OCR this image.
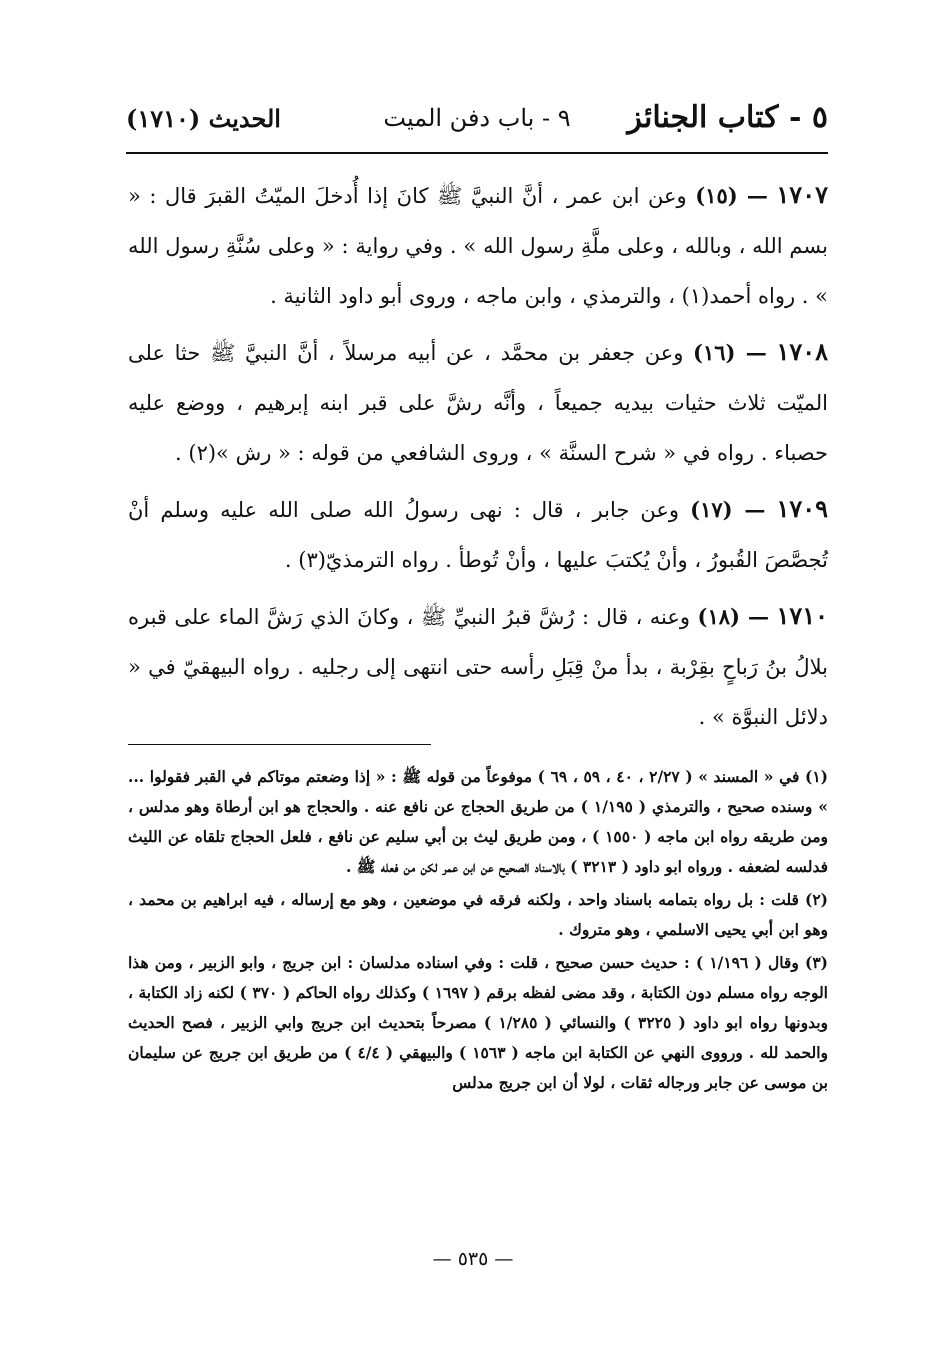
٥ - كتاب الجنائز
٩ - باب دفن الميت
الحديث (١٧١٠)

١٧٠٧ — (١٥) وعن ابن عمر ، أنَّ النبيَّ ﷺ كانَ إذا أُدخلَ الميّتُ القبرَ قال : « بسم الله ، وبالله ، وعلى ملَّةِ رسول الله » . وفي رواية : « وعلى سُنَّةِ رسول الله » . رواه أحمد(١) ، والترمذي ، وابن ماجه ، وروى أبو داود الثانية .

١٧٠٨ — (١٦) وعن جعفر بن محمَّد ، عن أبيه مرسلاً ، أنَّ النبيَّ ﷺ حثا على الميّت ثلاث حثيات بيديه جميعاً ، وأنَّه رشَّ على قبر ابنه إبرهيم ، ووضع عليه حصباء . رواه في « شرح السنَّة » ، وروى الشافعي من قوله : « رش »(٢) .

١٧٠٩ — (١٧) وعن جابر ، قال : نهى رسولُ الله صلى الله عليه وسلم أنْ تُجصَّصَ القُبورُ ، وأنْ يُكتبَ عليها ، وأنْ تُوطأ . رواه الترمذيّ(٣) .

١٧١٠ — (١٨) وعنه ، قال : رُشَّ قبرُ النبيِّ ﷺ ، وكانَ الذي رَشَّ الماء على قبره بلالُ بنُ رَباحٍ بقِرْبة ، بدأ منْ قِبَلِ رأسه حتى انتهى إلى رجليه . رواه البيهقيّ في « دلائل النبوَّة » .

(١) في « المسند » ( ٢/٢٧ ، ٤٠ ، ٥٩ ، ٦٩ ) موفوعاً من قوله ﷺ : « إذا وضعتم موتاكم في القبر فقولوا ... » وسنده صحيح ، والترمذي ( ١/١٩٥ ) من طريق الحجاج عن نافع عنه . والحجاج هو ابن أرطاة وهو مدلس ، ومن طريقه رواه ابن ماجه ( ١٥٥٠ ) ، ومن طريق ليث بن أبي سليم عن نافع ، فلعل الحجاج تلقاه عن الليث فدلسه لضعفه . ورواه ابو داود ( ٣٢١٣ ) بالاسناد الصحيح عن ابن عمر لكن من فعله ﷺ .

(٢) قلت : بل رواه بتمامه باسناد واحد ، ولكنه فرقه في موضعين ، وهو مع إرساله ، فيه ابراهيم بن محمد ، وهو ابن أبي يحيى الاسلمي ، وهو متروك .

(٣) وقال ( ١/١٩٦ ) : حديث حسن صحيح ، قلت : وفي اسناده مدلسان : ابن جريج ، وابو الزبير ، ومن هذا الوجه رواه مسلم دون الكتابة ، وقد مضى لفظه برقم ( ١٦٩٧ ) وكذلك رواه الحاكم ( ٣٧٠ ) لكنه زاد الكتابة ، وبدونها رواه ابو داود ( ٣٢٢٥ ) والنسائي ( ١/٢٨٥ ) مصرحاً بتحديث ابن جريج وابي الزبير ، فصح الحديث والحمد لله . ورووى النهي عن الكتابة ابن ماجه ( ١٥٦٣ ) والبيهقي ( ٤/٤ ) من طريق ابن جريج عن سليمان بن موسى عن جابر ورجاله ثقات ، لولا أن ابن جريج مدلس

— ٥٣٥ —
